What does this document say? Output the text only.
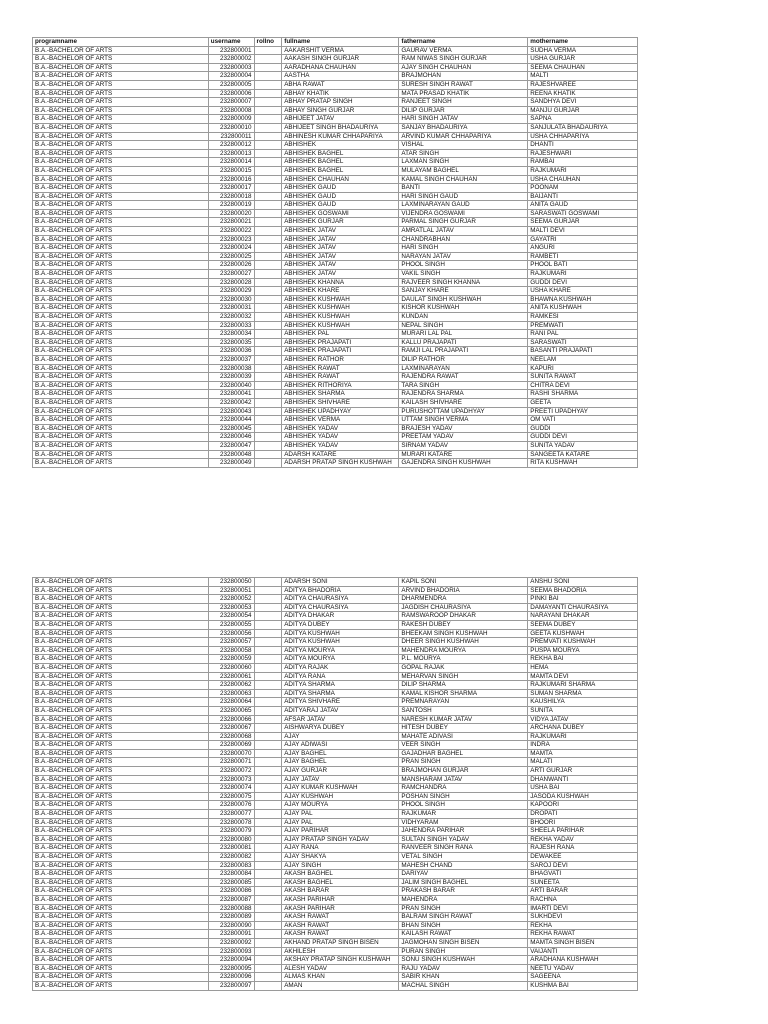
programname	username	rollno	fullname	fathername	mothername
B.A.-BACHELOR OF ARTS	232800001		AAKARSHIT VERMA	GAURAV VERMA	SUDHA VERMA
B.A.-BACHELOR OF ARTS	232800002		AAKASH SINGH GURJAR	RAM NIWAS SINGH GURJAR	USHA GURJAR
B.A.-BACHELOR OF ARTS	232800003		AARADHANA CHAUHAN	AJAY SINGH CHAUHAN	SEEMA CHAUHAN
B.A.-BACHELOR OF ARTS	232800004		AASTHA	BRAJMOHAN	MALTI
B.A.-BACHELOR OF ARTS	232800005		ABHA RAWAT	SURESH SINGH RAWAT	RAJESHVAREE
B.A.-BACHELOR OF ARTS	232800006		ABHAY KHATIK	MATA PRASAD KHATIK	REENA KHATIK
B.A.-BACHELOR OF ARTS	232800007		ABHAY PRATAP SINGH	RANJEET SINGH	SANDHYA DEVI
B.A.-BACHELOR OF ARTS	232800008		ABHAY SINGH GURJAR	DILIP GURJAR	MANJU GURJAR
B.A.-BACHELOR OF ARTS	232800009		ABHIJEET JATAV	HARI SINGH JATAV	SAPNA
B.A.-BACHELOR OF ARTS	232800010		ABHIJEET SINGH BHADAURIYA	SANJAY BHADAURIYA	SANJULATA BHADAURIYA
B.A.-BACHELOR OF ARTS	232800011		ABHINESH KUMAR CHHAPARIYA	ARVIND KUMAR CHHAPARIYA	USHA CHHAPARIYA
B.A.-BACHELOR OF ARTS	232800012		ABHISHEK	VISHAL	DHANTI
B.A.-BACHELOR OF ARTS	232800013		ABHISHEK BAGHEL	ATAR SINGH	RAJESHWARI
B.A.-BACHELOR OF ARTS	232800014		ABHISHEK BAGHEL	LAXMAN SINGH	RAMBAI
B.A.-BACHELOR OF ARTS	232800015		ABHISHEK BAGHEL	MULAYAM BAGHEL	RAJKUMARI
B.A.-BACHELOR OF ARTS	232800016		ABHISHEK CHAUHAN	KAMAL SINGH CHAUHAN	USHA CHAUHAN
B.A.-BACHELOR OF ARTS	232800017		ABHISHEK GAUD	BANTI	POONAM
B.A.-BACHELOR OF ARTS	232800018		ABHISHEK GAUD	HARI SINGH GAUD	BAIJANTI
B.A.-BACHELOR OF ARTS	232800019		ABHISHEK GAUD	LAXMINARAYAN GAUD	ANITA GAUD
B.A.-BACHELOR OF ARTS	232800020		ABHISHEK GOSWAMI	VIJENDRA GOSWAMI	SARASWATI GOSWAMI
B.A.-BACHELOR OF ARTS	232800021		ABHISHEK GURJAR	PARMAL SINGH GURJAR	SEEMA GURJAR
B.A.-BACHELOR OF ARTS	232800022		ABHISHEK JATAV	AMRATLAL JATAV	MALTI DEVI
B.A.-BACHELOR OF ARTS	232800023		ABHISHEK JATAV	CHANDRABHAN	GAYATRI
B.A.-BACHELOR OF ARTS	232800024		ABHISHEK JATAV	HARI SINGH	ANGURI
B.A.-BACHELOR OF ARTS	232800025		ABHISHEK JATAV	NARAYAN JATAV	RAMBETI
B.A.-BACHELOR OF ARTS	232800026		ABHISHEK JATAV	PHOOL SINGH	PHOOL BATI
B.A.-BACHELOR OF ARTS	232800027		ABHISHEK JATAV	VAKIL SINGH	RAJKUMARI
B.A.-BACHELOR OF ARTS	232800028		ABHISHEK KHANNA	RAJVEER SINGH KHANNA	GUDDI DEVI
B.A.-BACHELOR OF ARTS	232800029		ABHISHEK KHARE	SANJAY KHARE	USHA KHARE
B.A.-BACHELOR OF ARTS	232800030		ABHISHEK KUSHWAH	DAULAT SINGH KUSHWAH	BHAWNA KUSHWAH
B.A.-BACHELOR OF ARTS	232800031		ABHISHEK KUSHWAH	KISHOR KUSHWAH	ANITA KUSHWAH
B.A.-BACHELOR OF ARTS	232800032		ABHISHEK KUSHWAH	KUNDAN	RAMKESI
B.A.-BACHELOR OF ARTS	232800033		ABHISHEK KUSHWAH	NEPAL SINGH	PREMWATI
B.A.-BACHELOR OF ARTS	232800034		ABHISHEK PAL	MURARI LAL PAL	RANI PAL
B.A.-BACHELOR OF ARTS	232800035		ABHISHEK PRAJAPATI	KALLU PRAJAPATI	SARASWATI
B.A.-BACHELOR OF ARTS	232800036		ABHISHEK PRAJAPATI	RAMJI LAL PRAJAPATI	BASANTI PRAJAPATI
B.A.-BACHELOR OF ARTS	232800037		ABHISHEK RATHOR	DILIP RATHOR	NEELAM
B.A.-BACHELOR OF ARTS	232800038		ABHISHEK RAWAT	LAXMINARAYAN	KAPURI
B.A.-BACHELOR OF ARTS	232800039		ABHISHEK RAWAT	RAJENDRA RAWAT	SUNITA RAWAT
B.A.-BACHELOR OF ARTS	232800040		ABHISHEK RITHORIYA	TARA SINGH	CHITRA DEVI
B.A.-BACHELOR OF ARTS	232800041		ABHISHEK SHARMA	RAJENDRA SHARMA	RASHI SHARMA
B.A.-BACHELOR OF ARTS	232800042		ABHISHEK SHIVHARE	KAILASH SHIVHARE	GEETA
B.A.-BACHELOR OF ARTS	232800043		ABHISHEK UPADHYAY	PURUSHOTTAM UPADHYAY	PREETI UPADHYAY
B.A.-BACHELOR OF ARTS	232800044		ABHISHEK VERMA	UTTAM SINGH VERMA	OM VATI
B.A.-BACHELOR OF ARTS	232800045		ABHISHEK YADAV	BRAJESH YADAV	GUDDI
B.A.-BACHELOR OF ARTS	232800046		ABHISHEK YADAV	PREETAM YADAV	GUDDI DEVI
B.A.-BACHELOR OF ARTS	232800047		ABHISHEK YADAV	SIRNAM YADAV	SUNITA YADAV
B.A.-BACHELOR OF ARTS	232800048		ADARSH KATARE	MURARI KATARE	SANGEETA KATARE
B.A.-BACHELOR OF ARTS	232800049		ADARSH PRATAP SINGH KUSHWAH	GAJENDRA SINGH KUSHWAH	RITA KUSHWAH
B.A.-BACHELOR OF ARTS	232800050		ADARSH SONI	KAPIL SONI	ANSHU SONI
B.A.-BACHELOR OF ARTS	232800051		ADITYA BHADORIA	ARVIND BHADORIA	SEEMA BHADORIA
B.A.-BACHELOR OF ARTS	232800052		ADITYA CHAURASIYA	DHARMENDRA	PINKI BAI
B.A.-BACHELOR OF ARTS	232800053		ADITYA CHAURASIYA	JAGDISH CHAURASIYA	DAMAYANTI CHAURASIYA
B.A.-BACHELOR OF ARTS	232800054		ADITYA DHAKAR	RAMSWAROOP DHAKAR	NARAYANI DHAKAR
B.A.-BACHELOR OF ARTS	232800055		ADITYA DUBEY	RAKESH DUBEY	SEEMA DUBEY
B.A.-BACHELOR OF ARTS	232800056		ADITYA KUSHWAH	BHEEKAM SINGH KUSHWAH	GEETA KUSHWAH
B.A.-BACHELOR OF ARTS	232800057		ADITYA KUSHWAH	DHEER SINGH KUSHWAH	PREMVATI KUSHWAH
B.A.-BACHELOR OF ARTS	232800058		ADITYA MOURYA	MAHENDRA MOURYA	PUSPA MOURYA
B.A.-BACHELOR OF ARTS	232800059		ADITYA MOURYA	P.L. MOURYA	REKHA BAI
B.A.-BACHELOR OF ARTS	232800060		ADITYA RAJAK	GOPAL RAJAK	HEMA
B.A.-BACHELOR OF ARTS	232800061		ADITYA RANA	MEHARVAN SINGH	MAMTA DEVI
B.A.-BACHELOR OF ARTS	232800062		ADITYA SHARMA	DILIP SHARMA	RAJKUMARI SHARMA
B.A.-BACHELOR OF ARTS	232800063		ADITYA SHARMA	KAMAL KISHOR SHARMA	SUMAN SHARMA
B.A.-BACHELOR OF ARTS	232800064		ADITYA SHIVHARE	PREMNARAYAN	KAUSHILYA
B.A.-BACHELOR OF ARTS	232800065		ADITYARAJ JATAV	SANTOSH	SUNITA
B.A.-BACHELOR OF ARTS	232800066		AFSAR JATAV	NARESH KUMAR JATAV	VIDYA JATAV
B.A.-BACHELOR OF ARTS	232800067		AISHWARYA DUBEY	HITESH DUBEY	ARCHANA DUBEY
B.A.-BACHELOR OF ARTS	232800068		AJAY	MAHATE ADIVASI	RAJKUMARI
B.A.-BACHELOR OF ARTS	232800069		AJAY ADIWASI	VEER SINGH	INDRA
B.A.-BACHELOR OF ARTS	232800070		AJAY BAGHEL	GAJADHAR BAGHEL	MAMTA
B.A.-BACHELOR OF ARTS	232800071		AJAY BAGHEL	PRAN SINGH	MALATI
B.A.-BACHELOR OF ARTS	232800072		AJAY GURJAR	BRAJMOHAN GURJAR	ARTI GURJAR
B.A.-BACHELOR OF ARTS	232800073		AJAY JATAV	MANSHARAM JATAV	DHANWANTI
B.A.-BACHELOR OF ARTS	232800074		AJAY KUMAR KUSHWAH	RAMCHANDRA	USHA BAI
B.A.-BACHELOR OF ARTS	232800075		AJAY KUSHWAH	POSHAN SINGH	JASODA KUSHWAH
B.A.-BACHELOR OF ARTS	232800076		AJAY MOURYA	PHOOL SINGH	KAPOORI
B.A.-BACHELOR OF ARTS	232800077		AJAY PAL	RAJKUMAR	DROPATI
B.A.-BACHELOR OF ARTS	232800078		AJAY PAL	VIDHYARAM	BHOORI
B.A.-BACHELOR OF ARTS	232800079		AJAY PARIHAR	JAHENDRA PARIHAR	SHEELA PARIHAR
B.A.-BACHELOR OF ARTS	232800080		AJAY PRATAP SINGH YADAV	SULTAN SINGH YADAV	REKHA YADAV
B.A.-BACHELOR OF ARTS	232800081		AJAY RANA	RANVEER SINGH RANA	RAJESH RANA
B.A.-BACHELOR OF ARTS	232800082		AJAY SHAKYA	VETAL SINGH	DEWAKEE
B.A.-BACHELOR OF ARTS	232800083		AJAY SINGH	MAHESH CHAND	SAROJ DEVI
B.A.-BACHELOR OF ARTS	232800084		AKASH BAGHEL	DARIYAV	BHAGVATI
B.A.-BACHELOR OF ARTS	232800085		AKASH BAGHEL	JALIM SINGH BAGHEL	SUNEETA
B.A.-BACHELOR OF ARTS	232800086		AKASH BARAR	PRAKASH BARAR	ARTI BARAR
B.A.-BACHELOR OF ARTS	232800087		AKASH PARIHAR	MAHENDRA	RACHNA
B.A.-BACHELOR OF ARTS	232800088		AKASH PARIHAR	PRAN SINGH	IMARTI DEVI
B.A.-BACHELOR OF ARTS	232800089		AKASH RAWAT	BALRAM SINGH RAWAT	SUKHDEVI
B.A.-BACHELOR OF ARTS	232800090		AKASH RAWAT	BHAN SINGH	REKHA
B.A.-BACHELOR OF ARTS	232800091		AKASH RAWAT	KAILASH RAWAT	REKHA RAWAT
B.A.-BACHELOR OF ARTS	232800092		AKHAND PRATAP SINGH BISEN	JAGMOHAN SINGH BISEN	MAMTA SINGH BISEN
B.A.-BACHELOR OF ARTS	232800093		AKHILESH	PURAN SINGH	VAIJANTI
B.A.-BACHELOR OF ARTS	232800094		AKSHAY PRATAP SINGH KUSHWAH	SONU SINGH KUSHWAH	ARADHANA KUSHWAH
B.A.-BACHELOR OF ARTS	232800095		ALESH YADAV	RAJU YADAV	NEETU YADAV
B.A.-BACHELOR OF ARTS	232800096		ALMAS KHAN	SABIR KHAN	SAGEENA
B.A.-BACHELOR OF ARTS	232800097		AMAN	MACHAL SINGH	KUSHMA BAI
